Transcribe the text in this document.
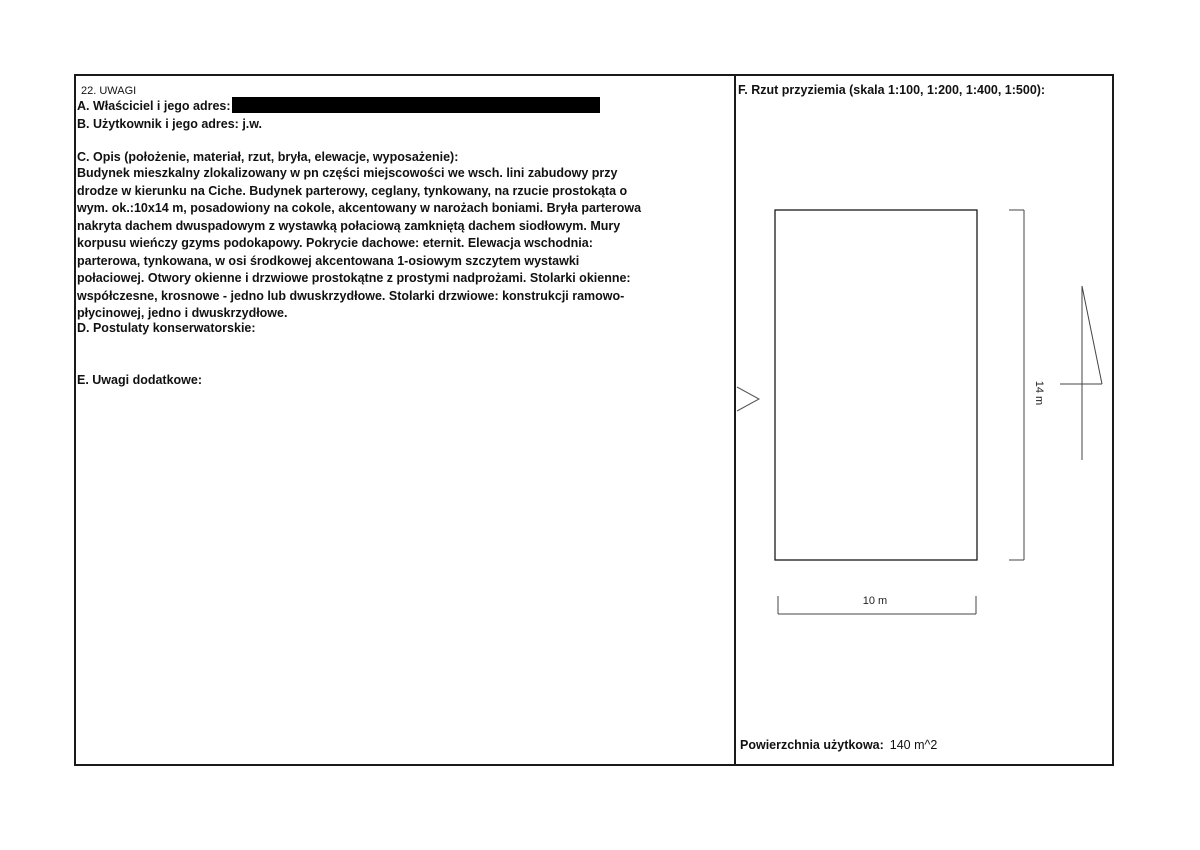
22. UWAGI
A. Właściciel i jego adres:
B. Użytkownik i jego adres: j.w.
C. Opis (położenie, materiał, rzut, bryła, elewacje, wyposażenie):
Budynek mieszkalny zlokalizowany w pn części miejscowości we wsch. lini zabudowy przy
drodze w kierunku na Ciche. Budynek parterowy, ceglany, tynkowany, na rzucie prostokąta o
wym. ok.:10x14 m, posadowiony na cokole, akcentowany w narożach boniami. Bryła parterowa
nakryta dachem dwuspadowym z wystawką połaciową zamkniętą dachem siodłowym. Mury
korpusu wieńczy gzyms podokapowy. Pokrycie dachowe: eternit. Elewacja wschodnia:
parterowa, tynkowana, w osi środkowej akcentowana 1-osiowym szczytem wystawki
połaciowej. Otwory okienne i drzwiowe prostokątne z prostymi nadprożami. Stolarki okienne:
współczesne, krosnowe - jedno lub dwuskrzydłowe. Stolarki drzwiowe: konstrukcji ramowo-
płycinowej, jedno i dwuskrzydłowe.
D. Postulaty konserwatorskie:
E. Uwagi dodatkowe:
F. Rzut przyziemia (skala 1:100, 1:200, 1:400, 1:500):
10 m
14 m
Powierzchnia użytkowa: 140 m^2
